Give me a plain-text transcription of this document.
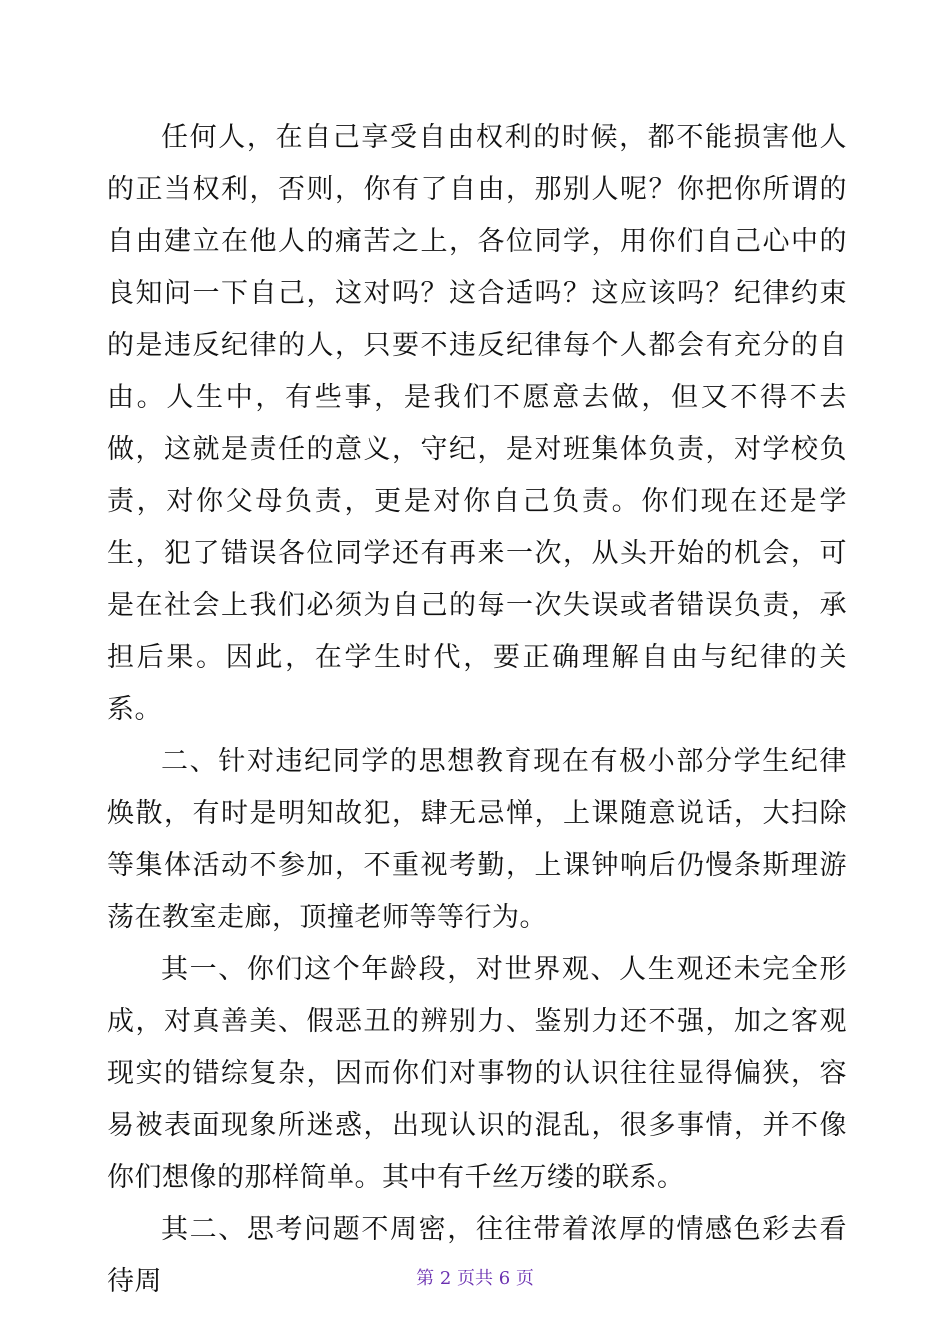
任何人，在自己享受自由权利的时候，都不能损害他人的正当权利，否则，你有了自由，那别人呢？你把你所谓的自由建立在他人的痛苦之上，各位同学，用你们自己心中的良知问一下自己，这对吗？这合适吗？这应该吗？纪律约束的是违反纪律的人，只要不违反纪律每个人都会有充分的自由。人生中，有些事，是我们不愿意去做，但又不得不去做，这就是责任的意义，守纪，是对班集体负责，对学校负责，对你父母负责，更是对你自己负责。你们现在还是学生，犯了错误各位同学还有再来一次，从头开始的机会，可是在社会上我们必须为自己的每一次失误或者错误负责，承担后果。因此，在学生时代，要正确理解自由与纪律的关系。

二、针对违纪同学的思想教育现在有极小部分学生纪律焕散，有时是明知故犯，肆无忌惮，上课随意说话，大扫除等集体活动不参加，不重视考勤，上课钟响后仍慢条斯理游荡在教室走廊，顶撞老师等等行为。

其一、你们这个年龄段，对世界观、人生观还未完全形成，对真善美、假恶丑的辨别力、鉴别力还不强，加之客观现实的错综复杂，因而你们对事物的认识往往显得偏狭，容易被表面现象所迷惑，出现认识的混乱，很多事情，并不像你们想像的那样简单。其中有千丝万缕的联系。

其二、思考问题不周密，往往带着浓厚的情感色彩去看待周	第 2 页共 6 页
